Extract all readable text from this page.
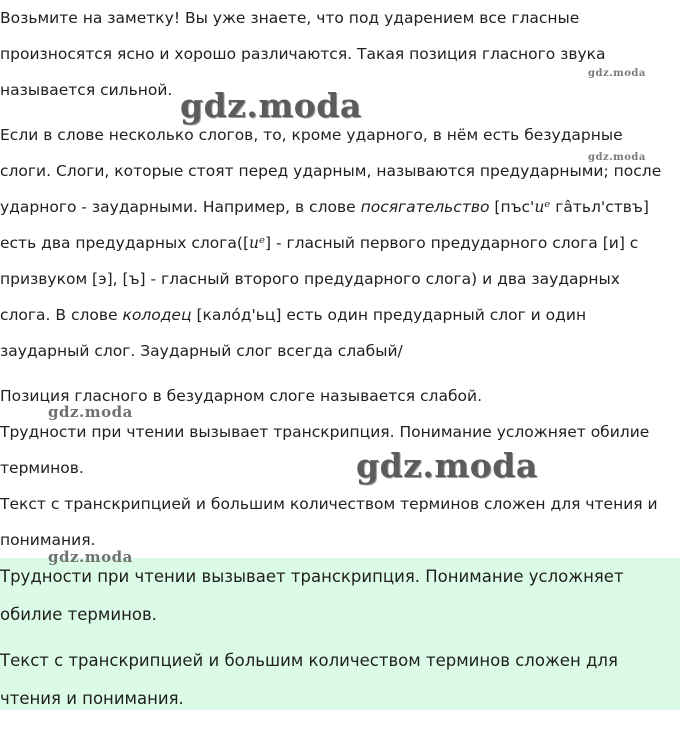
Возьмите на заметку! Вы уже знаете, что под ударением все гласные произносятся ясно и хорошо различаются. Такая позиция гласного звука называется сильной.

Если в слове несколько слогов, то, кроме ударного, в нём есть безударные слоги. Слоги, которые стоят перед ударным, называются предударными; после ударного - заударными. Например, в слове посягательство [пъс'иᵉ гâтьл'ствъ] есть два предударных слога([иᵉ] - гласный первого предударного слога [и] с призвуком [э], [ъ] - гласный второго предударного слога) и два заударных слога. В слове колодец [калóд'ьц] есть один предударный слог и один заударный слог. Заударный слог всегда слабый/

Позиция гласного в безударном слоге называется слабой.

Трудности при чтении вызывает транскрипция. Понимание усложняет обилие терминов.

Текст с транскрипцией и большим количеством терминов сложен для чтения и понимания.

Трудности при чтении вызывает транскрипция. Понимание усложняет обилие терминов.

Текст с транскрипцией и большим количеством терминов сложен для чтения и понимания.

gdz.moda
gdz.moda
gdz.moda
gdz.moda
gdz.moda
gdz.moda
